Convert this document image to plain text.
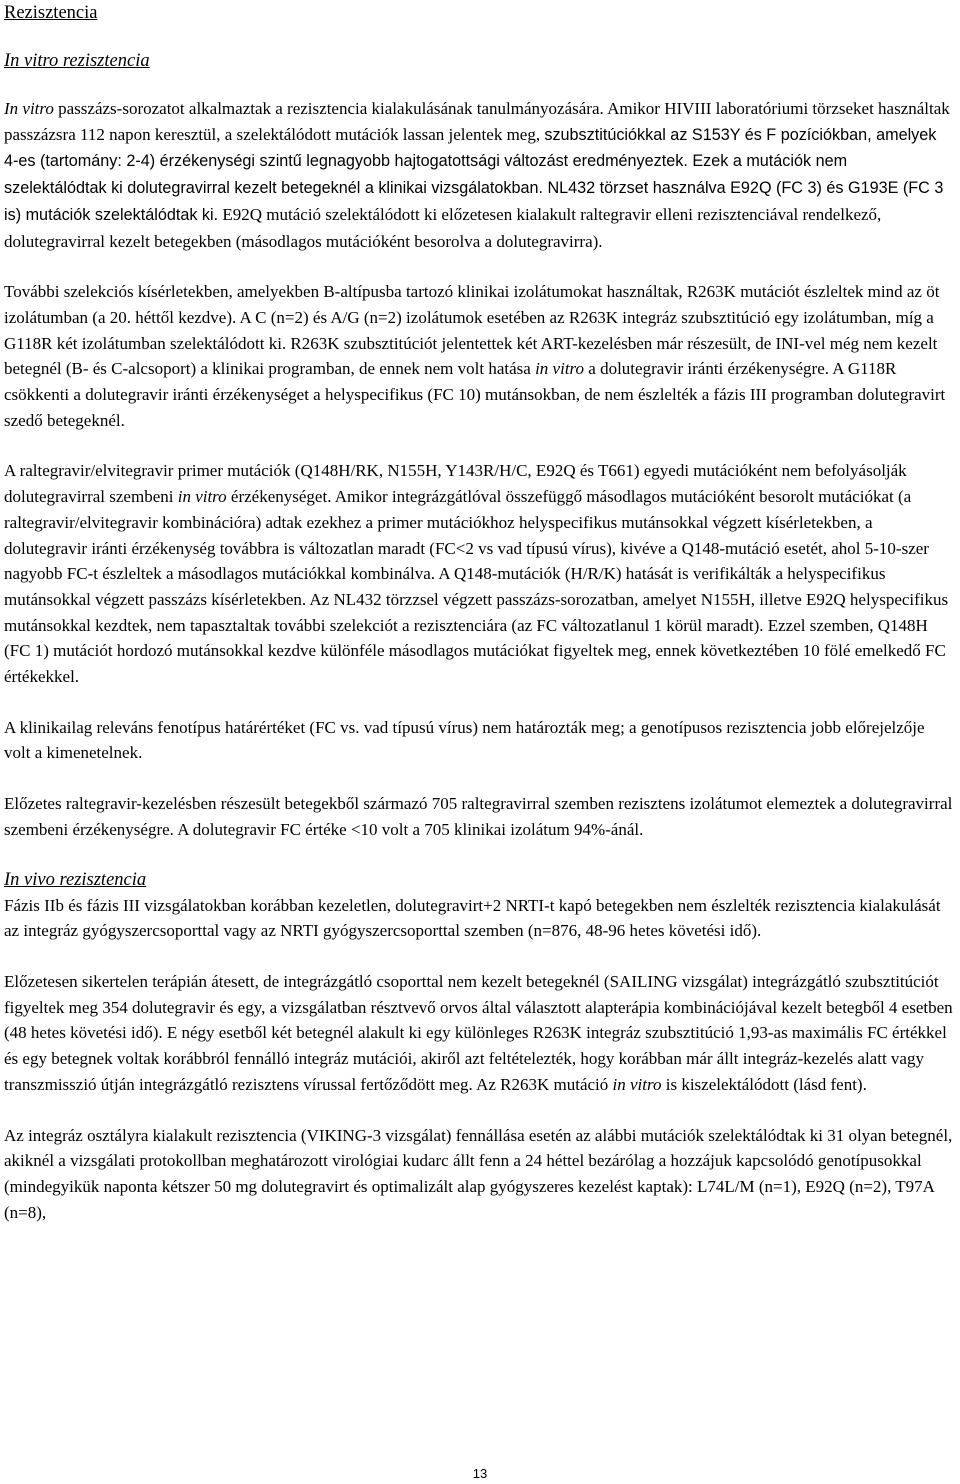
Rezisztencia
In vitro rezisztencia

In vitro passzázs-sorozatot alkalmaztak a rezisztencia kialakulásának tanulmányozására. Amikor HIVIII laboratóriumi törzseket használtak passzázsra 112 napon keresztül, a szelektálódott mutációk lassan jelentek meg, szubsztitúciókkal az S153Y és F pozíciókban, amelyek 4-es (tartomány: 2-4) érzékenységi szintű legnagyobb hajtogatottsági változást eredményeztek. Ezek a mutációk nem szelektálódtak ki dolutegravirral kezelt betegeknél a klinikai vizsgálatokban. NL432 törzset használva E92Q (FC 3) és G193E (FC 3 is) mutációk szelektálódtak ki. E92Q mutáció szelektálódott ki előzetesen kialakult raltegravir elleni rezisztenciával rendelkező, dolutegravirral kezelt betegekben (másodlagos mutációként besorolva a dolutegravirra).

További szelekciós kísérletekben, amelyekben B-altípusba tartozó klinikai izolátumokat használtak, R263K mutációt észleltek mind az öt izolátumban (a 20. héttől kezdve). A C (n=2) és A/G (n=2) izolátumok esetében az R263K integráz szubsztitúció egy izolátumban, míg a G118R két izolátumban szelektálódott ki. R263K szubsztitúciót jelentettek két ART-kezelésben már részesült, de INI-vel még nem kezelt betegnél (B- és C-alcsoport) a klinikai programban, de ennek nem volt hatása in vitro a dolutegravir iránti érzékenységre. A G118R csökkenti a dolutegravir iránti érzékenységet a helyspecifikus (FC 10) mutánsokban, de nem észlelték a fázis III programban dolutegravirt szedő betegeknél.

A raltegravir/elvitegravir primer mutációk (Q148H/RK, N155H, Y143R/H/C, E92Q és T661) egyedi mutációként nem befolyásolják dolutegravirral szembeni in vitro érzékenységet. Amikor integrázgátlóval összefüggő másodlagos mutációként besorolt mutációkat (a raltegravir/elvitegravir kombinációra) adtak ezekhez a primer mutációkhoz helyspecifikus mutánsokkal végzett kísérletekben, a dolutegravir iránti érzékenység továbbra is változatlan maradt (FC<2 vs vad típusú vírus), kivéve a Q148-mutáció esetét, ahol 5-10-szer nagyobb FC-t észleltek a másodlagos mutációkkal kombinálva. A Q148-mutációk (H/R/K) hatását is verifikálták a helyspecifikus mutánsokkal végzett passzázs kísérletekben. Az NL432 törzzsel végzett passzázs-sorozatban, amelyet N155H, illetve E92Q helyspecifikus mutánsokkal kezdtek, nem tapasztaltak további szelekciót a rezisztenciára (az FC változatlanul 1 körül maradt). Ezzel szemben, Q148H (FC 1) mutációt hordozó mutánsokkal kezdve különféle másodlagos mutációkat figyeltek meg, ennek következtében 10 fölé emelkedő FC értékekkel.

A klinikailag releváns fenotípus határértéket (FC vs. vad típusú vírus) nem határozták meg; a genotípusos rezisztencia jobb előrejelzője volt a kimenetelnek.

Előzetes raltegravir-kezelésben részesült betegekből származó 705 raltegravirral szemben rezisztens izolátumot elemeztek a dolutegravirral szembeni érzékenységre. A dolutegravir FC értéke <10 volt a 705 klinikai izolátum 94%-ánál.

In vivo rezisztencia

Fázis IIb és fázis III vizsgálatokban korábban kezeletlen, dolutegravirt+2 NRTI-t kapó betegekben nem észlelték rezisztencia kialakulását az integráz gyógyszercsoporttal vagy az NRTI gyógyszercsoporttal szemben (n=876, 48-96 hetes követési idő).

Előzetesen sikertelen terápián átesett, de integrázgátló csoporttal nem kezelt betegeknél (SAILING vizsgálat) integrázgátló szubsztitúciót figyeltek meg 354 dolutegravir és egy, a vizsgálatban résztvevő orvos által választott alapterápia kombinációjával kezelt betegből 4 esetben (48 hetes követési idő). E négy esetből két betegnél alakult ki egy különleges R263K integráz szubsztitúció 1,93-as maximális FC értékkel és egy betegnek voltak korábbról fennálló integráz mutációi, akiről azt feltételezték, hogy korábban már állt integráz-kezelés alatt vagy transzmisszió útján integrázgátló rezisztens vírussal fertőződött meg. Az R263K mutáció in vitro is kiszelektálódott (lásd fent).

Az integráz osztályra kialakult rezisztencia (VIKING-3 vizsgálat) fennállása esetén az alábbi mutációk szelektálódtak ki 31 olyan betegnél, akiknél a vizsgálati protokollban meghatározott virológiai kudarc állt fenn a 24 héttel bezárólag a hozzájuk kapcsolódó genotípusokkal (mindegyikük naponta kétszer 50 mg dolutegravirt és optimalizált alap gyógyszeres kezelést kaptak): L74L/M (n=1), E92Q (n=2), T97A (n=8),

13
